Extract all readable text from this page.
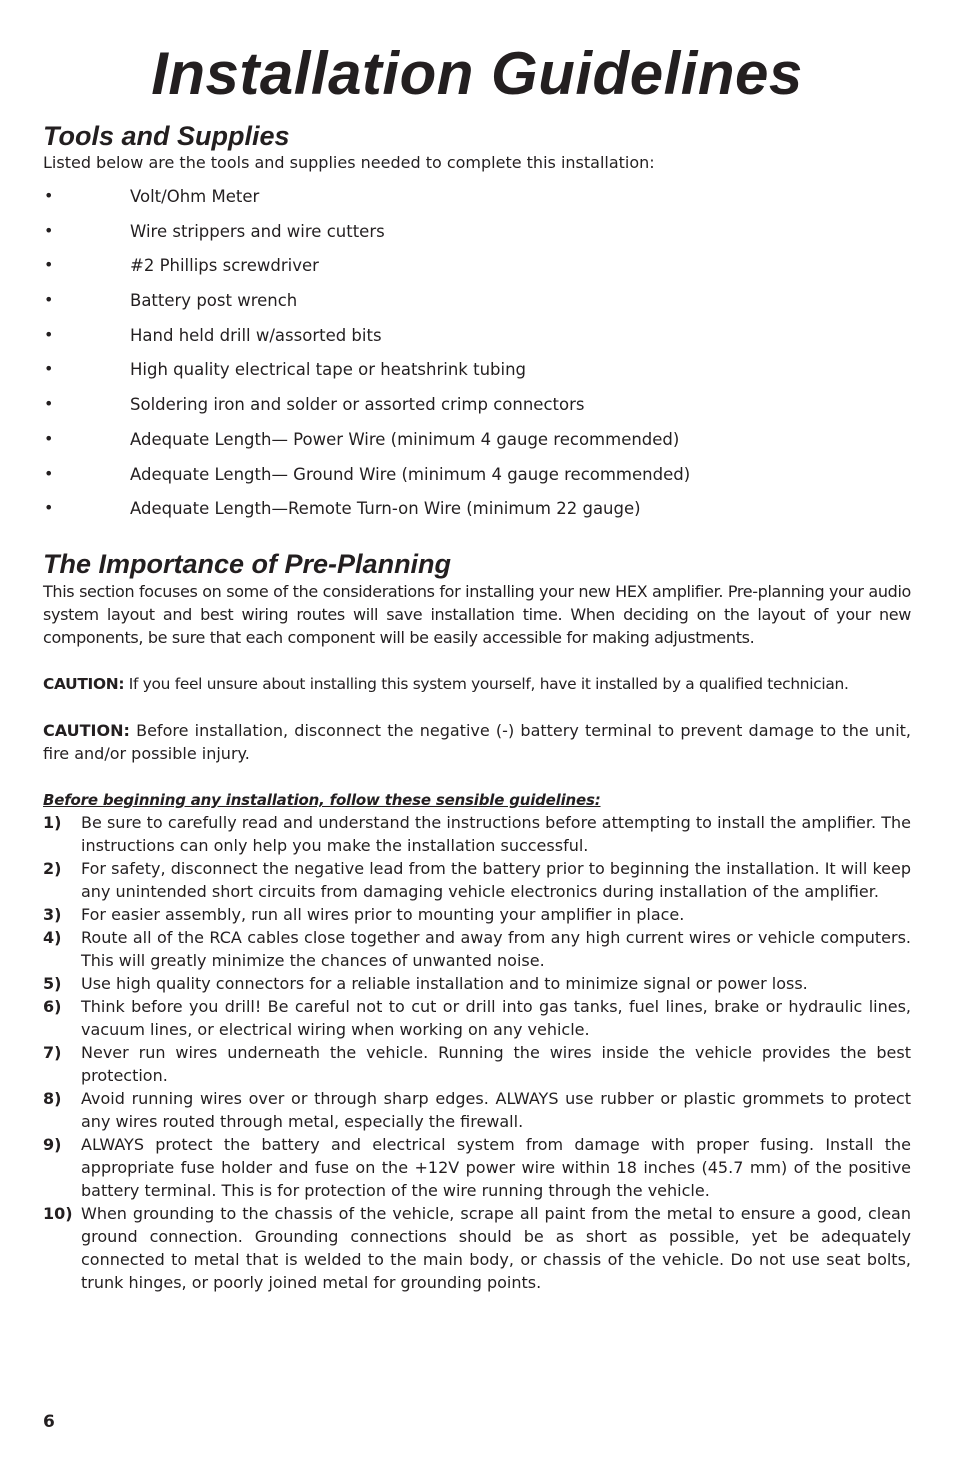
Installation Guidelines
Tools and Supplies
Listed below are the tools and supplies needed to complete this installation:
•	Volt/Ohm Meter
•	Wire strippers and wire cutters
•	#2 Phillips screwdriver
•	Battery post wrench
•	Hand held drill w/assorted bits
•	High quality electrical tape or heatshrink tubing
•	Soldering iron and solder or assorted crimp connectors
•	Adequate Length— Power Wire (minimum 4 gauge recommended)
•	Adequate Length— Ground Wire (minimum 4 gauge recommended)
•	Adequate Length—Remote Turn-on Wire (minimum 22 gauge)
The Importance of Pre-Planning

This section focuses on some of the considerations for installing your new HEX amplifier. Pre-planning your audio system layout and best wiring routes will save installation time. When deciding on the layout of your new components, be sure that each component will be easily accessible for making adjustments.

CAUTION: If you feel unsure about installing this system yourself, have it installed by a qualified technician.

CAUTION: Before installation, disconnect the negative (-) battery terminal to prevent damage to the unit, fire and/or possible injury.

Before beginning any installation, follow these sensible guidelines:
1) Be sure to carefully read and understand the instructions before attempting to install the amplifier. The instructions can only help you make the installation successful.
2) For safety, disconnect the negative lead from the battery prior to beginning the installation. It will keep any unintended short circuits from damaging vehicle electronics during installation of the amplifier.
3) For easier assembly, run all wires prior to mounting your amplifier in place.
4) Route all of the RCA cables close together and away from any high current wires or vehicle computers. This will greatly minimize the chances of unwanted noise.
5) Use high quality connectors for a reliable installation and to minimize signal or power loss.
6) Think before you drill! Be careful not to cut or drill into gas tanks, fuel lines, brake or hydraulic lines, vacuum lines, or electrical wiring when working on any vehicle.
7) Never run wires underneath the vehicle. Running the wires inside the vehicle provides the best protection.
8) Avoid running wires over or through sharp edges. ALWAYS use rubber or plastic grommets to protect any wires routed through metal, especially the firewall.
9) ALWAYS protect the battery and electrical system from damage with proper fusing. Install the appropriate fuse holder and fuse on the +12V power wire within 18 inches (45.7 mm) of the positive battery terminal. This is for protection of the wire running through the vehicle.
10) When grounding to the chassis of the vehicle, scrape all paint from the metal to ensure a good, clean ground connection. Grounding connections should be as short as possible, yet be adequately connected to metal that is welded to the main body, or chassis of the vehicle. Do not use seat bolts, trunk hinges, or poorly joined metal for grounding points.
6
